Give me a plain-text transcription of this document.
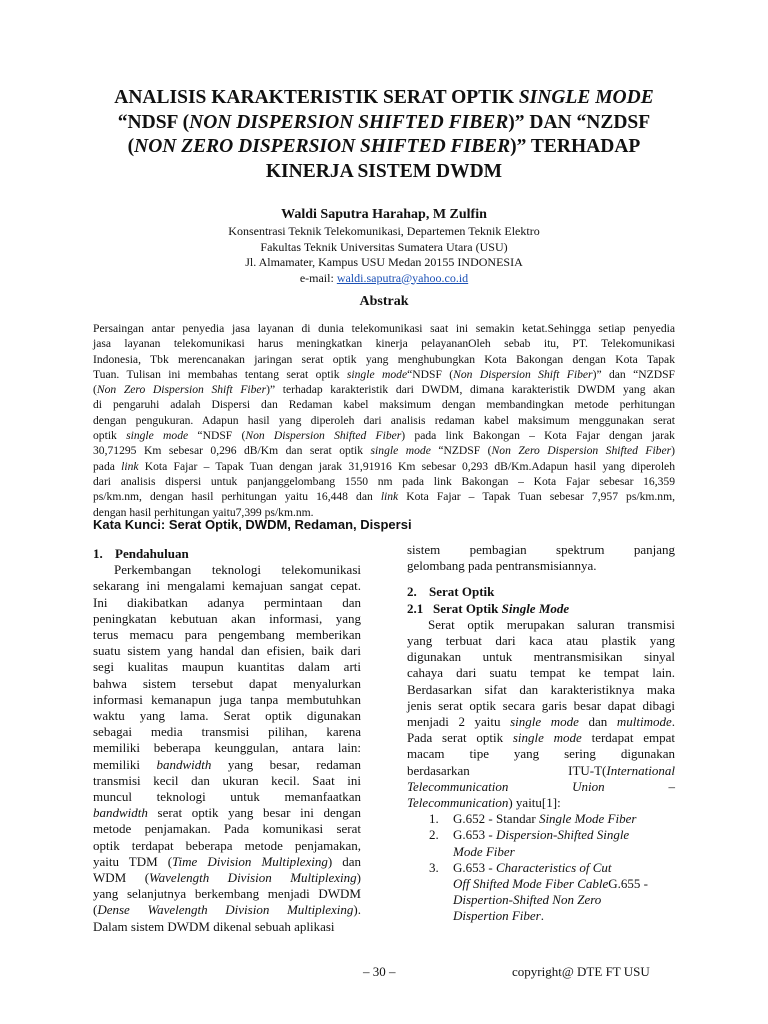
ANALISIS KARAKTERISTIK SERAT OPTIK SINGLE MODE
“NDSF (NON DISPERSION SHIFTED FIBER)” DAN “NZDSF
(NON ZERO DISPERSION SHIFTED FIBER)” TERHADAP
KINERJA SISTEM DWDM
Waldi Saputra Harahap, M Zulfin
Konsentrasi Teknik Telekomunikasi, Departemen Teknik Elektro
Fakultas Teknik Universitas Sumatera Utara (USU)
Jl. Almamater, Kampus USU Medan 20155 INDONESIA
e-mail: waldi.saputra@yahoo.co.id
Abstrak
Persaingan antar penyedia jasa layanan di dunia telekomunikasi saat ini semakin ketat.Sehingga setiap penyedia
jasa layanan telekomunikasi harus meningkatkan kinerja pelayananOleh sebab itu, PT. Telekomunikasi
Indonesia, Tbk merencanakan jaringan serat optik yang menghubungkan Kota Bakongan dengan Kota Tapak
Tuan. Tulisan ini membahas tentang serat optik single mode“NDSF (Non Dispersion Shift Fiber)” dan “NZDSF
(Non Zero Dispersion Shift Fiber)” terhadap karakteristik dari DWDM, dimana karakteristik DWDM yang akan
di pengaruhi adalah Dispersi dan Redaman kabel maksimum dengan membandingkan metode perhitungan
dengan pengukuran. Adapun hasil yang diperoleh dari analisis redaman kabel maksimum menggunakan serat
optik single mode “NDSF (Non Dispersion Shifted Fiber) pada link Bakongan – Kota Fajar dengan jarak
30,71295 Km sebesar 0,296 dB/Km dan serat optik single mode “NZDSF (Non Zero Dispersion Shifted Fiber)
pada link Kota Fajar – Tapak Tuan dengan jarak 31,91916 Km sebesar 0,293 dB/Km.Adapun hasil yang diperoleh
dari analisis dispersi untuk panjanggelombang 1550 nm pada link Bakongan – Kota Fajar sebesar 16,359
ps/km.nm, dengan hasil perhitungan yaitu 16,448 dan link Kota Fajar – Tapak Tuan sebesar 7,957 ps/km.nm,
dengan hasil perhitungan yaitu7,399 ps/km.nm.
Kata Kunci: Serat Optik, DWDM, Redaman, Dispersi
1. Pendahuluan
Perkembangan teknologi telekomunikasi
sekarang ini mengalami kemajuan sangat cepat.
Ini diakibatkan adanya permintaan dan
peningkatan kebutuan akan informasi, yang
terus memacu para pengembang memberikan
suatu sistem yang handal dan efisien, baik dari
segi kualitas maupun kuantitas dalam arti
bahwa sistem tersebut dapat menyalurkan
informasi kemanapun juga tanpa membutuhkan
waktu yang lama. Serat optik digunakan
sebagai media transmisi pilihan, karena
memiliki beberapa keunggulan, antara lain:
memiliki bandwidth yang besar, redaman
transmisi kecil dan ukuran kecil. Saat ini
muncul teknologi untuk memanfaatkan
bandwidth serat optik yang besar ini dengan
metode penjamakan. Pada komunikasi serat
optik terdapat beberapa metode penjamakan,
yaitu TDM (Time Division Multiplexing) dan
WDM (Wavelength Division Multiplexing)
yang selanjutnya berkembang menjadi DWDM
(Dense Wavelength Division Multiplexing).
Dalam sistem DWDM dikenal sebuah aplikasi
sistem pembagian spektrum panjang
gelombang pada pentransmisiannya.
2. Serat Optik
2.1 Serat Optik Single Mode
Serat optik merupakan saluran transmisi
yang terbuat dari kaca atau plastik yang
digunakan untuk mentransmisikan sinyal
cahaya dari suatu tempat ke tempat lain.
Berdasarkan sifat dan karakteristiknya maka
jenis serat optik secara garis besar dapat dibagi
menjadi 2 yaitu single mode dan multimode.
Pada serat optik single mode terdapat empat
macam tipe yang sering digunakan
berdasarkan ITU-T(International
Telecommunication Union –
Telecommunication) yaitu[1]:
1. G.652 - Standar Single Mode Fiber
2. G.653 - Dispersion-Shifted Single
Mode Fiber
3. G.653 - Characteristics of Cut
Off Shifted Mode Fiber CableG.655 -
Dispertion-Shifted Non Zero
Dispertion Fiber.
– 30 –	copyright@ DTE FT USU
